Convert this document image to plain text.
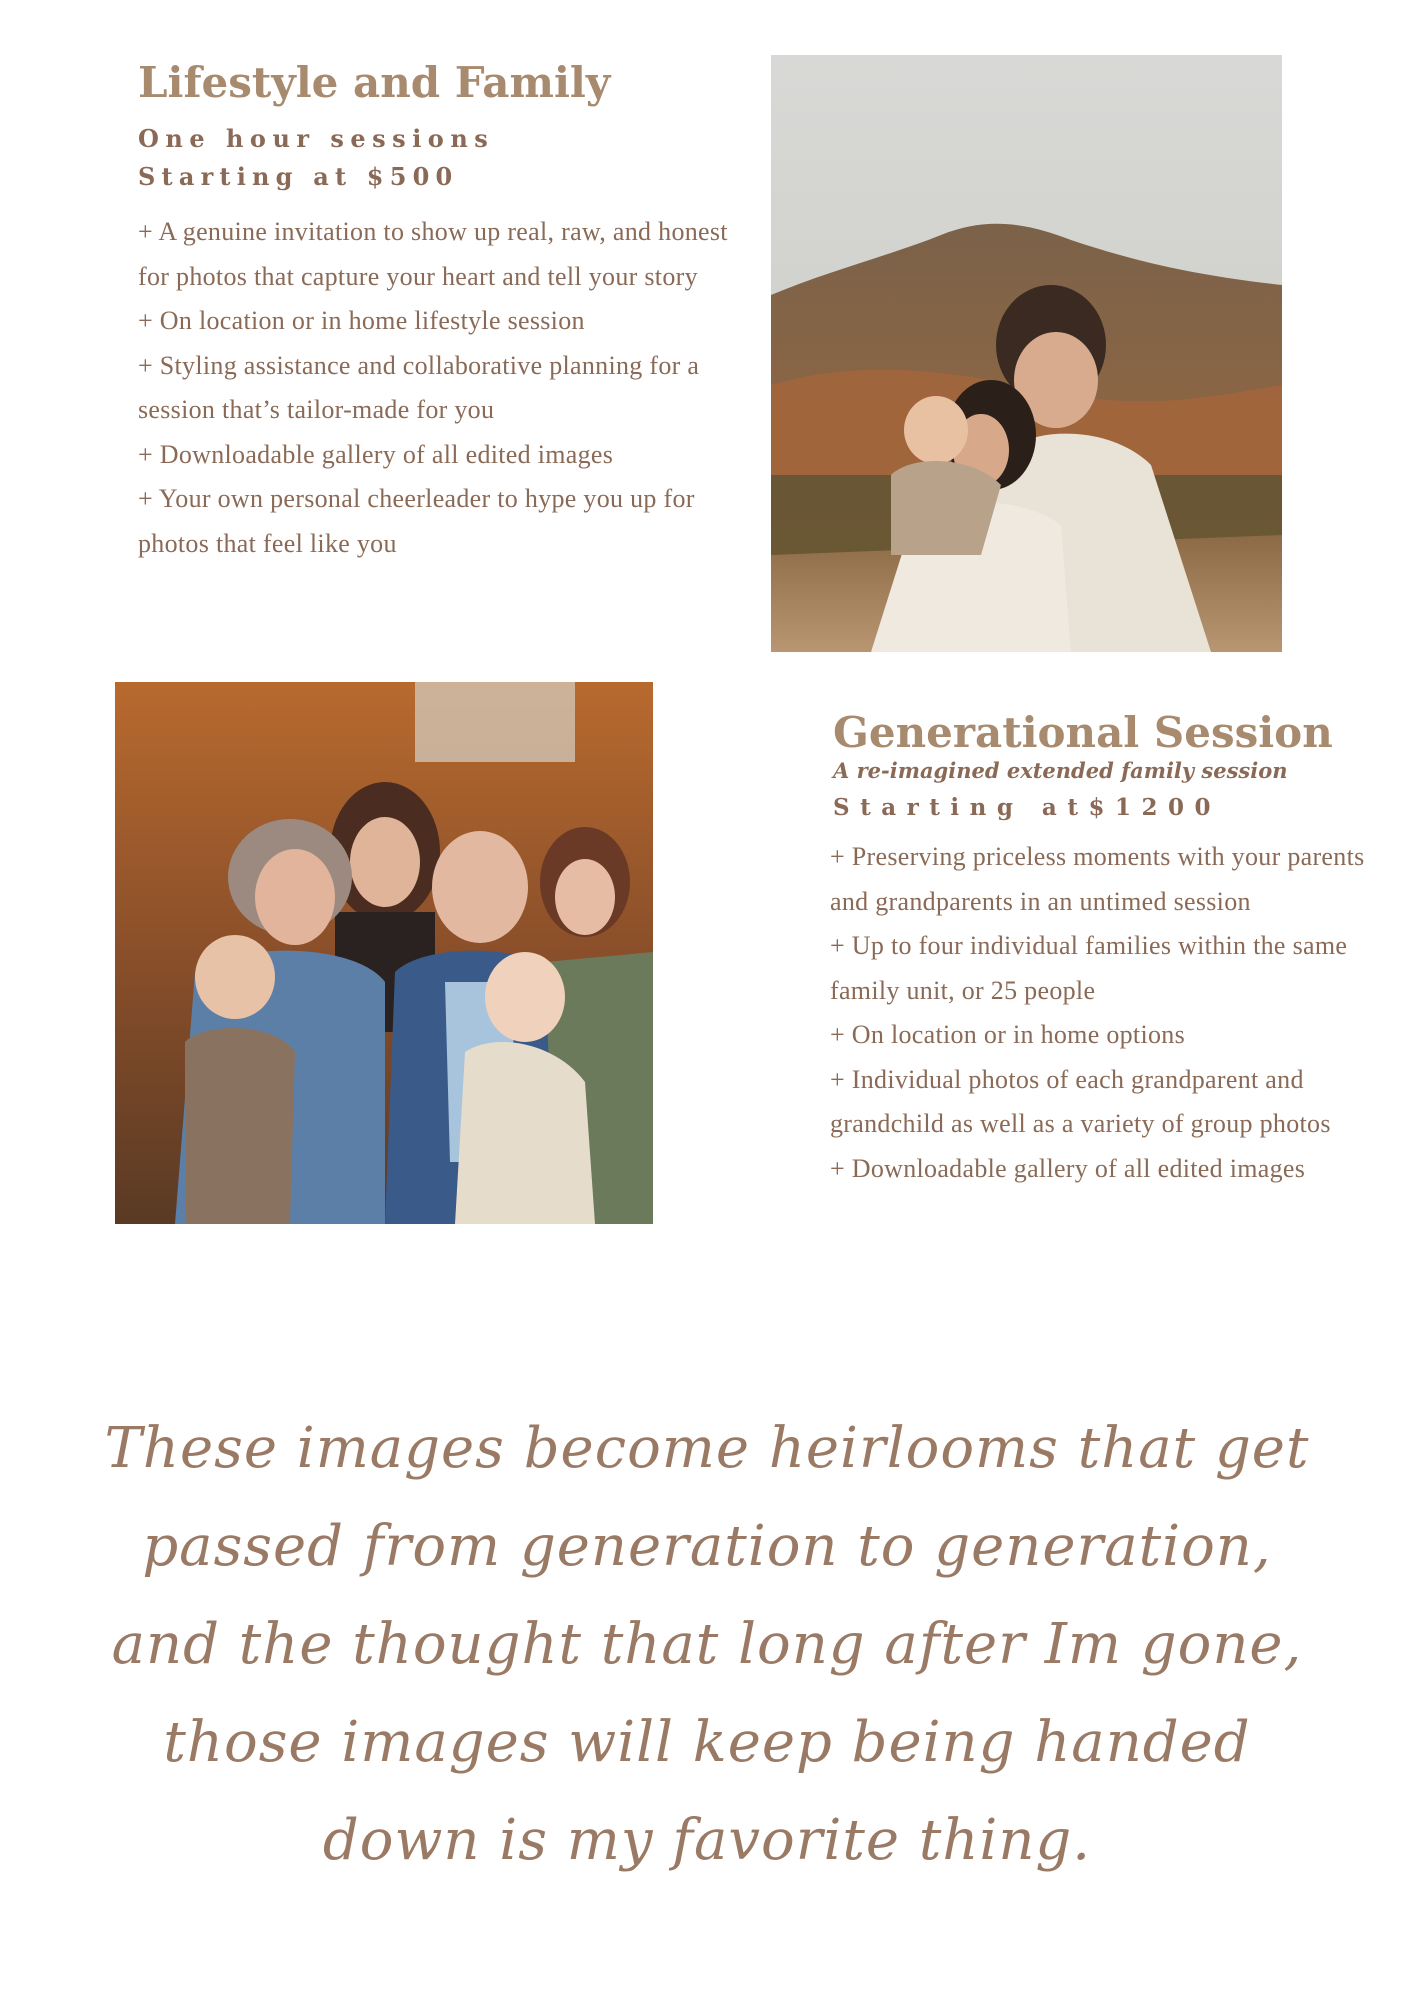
Lifestyle and Family

One hour sessions

Starting at $500

+ A genuine invitation to show up real, raw, and honest for photos that capture your heart and tell your story
+ On location or in home lifestyle session
+ Styling assistance and collaborative planning for a session that’s tailor-made for you
+ Downloadable gallery of all edited images
+ Your own personal cheerleader to hype you up for photos that feel like you
Generational Session

A re-imagined extended family session

Starting at$1200

+ Preserving priceless moments with your parents and grandparents in an untimed session
+ Up to four individual families within the same family unit, or 25 people
+ On location or in home options
+ Individual photos of each grandparent and grandchild as well as a variety of group photos
+ Downloadable gallery of all edited images

These images become heirlooms that get passed from generation to generation, and the thought that long after Im gone, those images will keep being handed down is my favorite thing.
